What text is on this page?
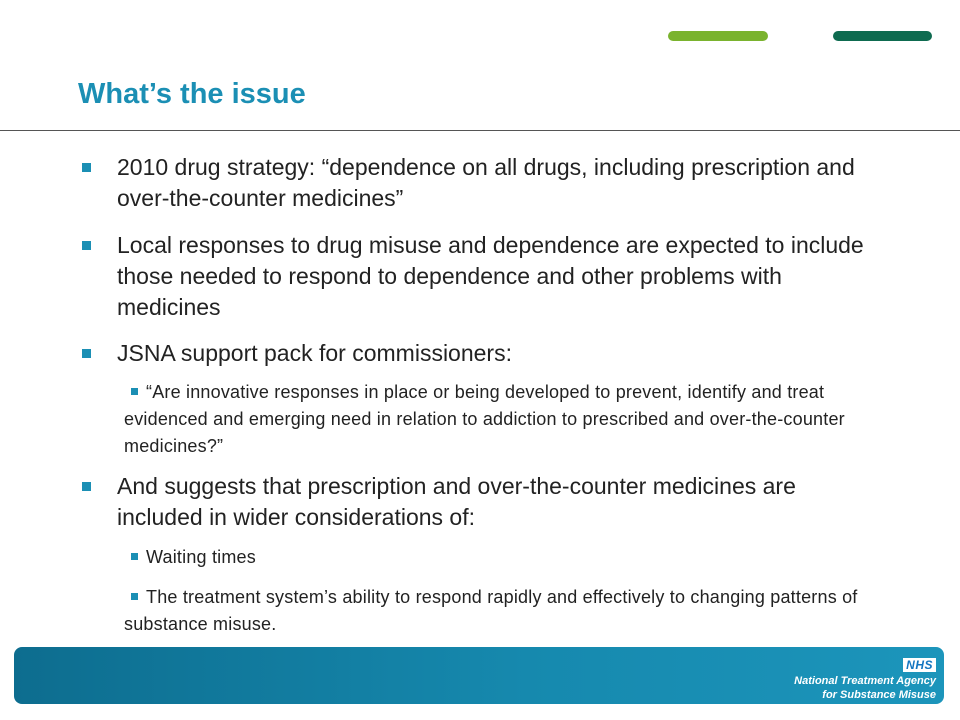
What’s the issue
2010 drug strategy: “dependence on all drugs, including prescription and over-the-counter medicines”
Local responses to drug misuse and dependence are expected to include those needed to respond to dependence and other problems with medicines
JSNA support pack for commissioners:
“Are innovative responses in place or being developed to prevent, identify and treat evidenced and emerging need in relation to addiction to prescribed and over-the-counter medicines?”
And suggests that prescription and over-the-counter medicines are included in wider considerations of:
Waiting times
The treatment system’s ability to respond rapidly and effectively to changing patterns of substance misuse.
NHS
National Treatment Agency
for Substance Misuse
